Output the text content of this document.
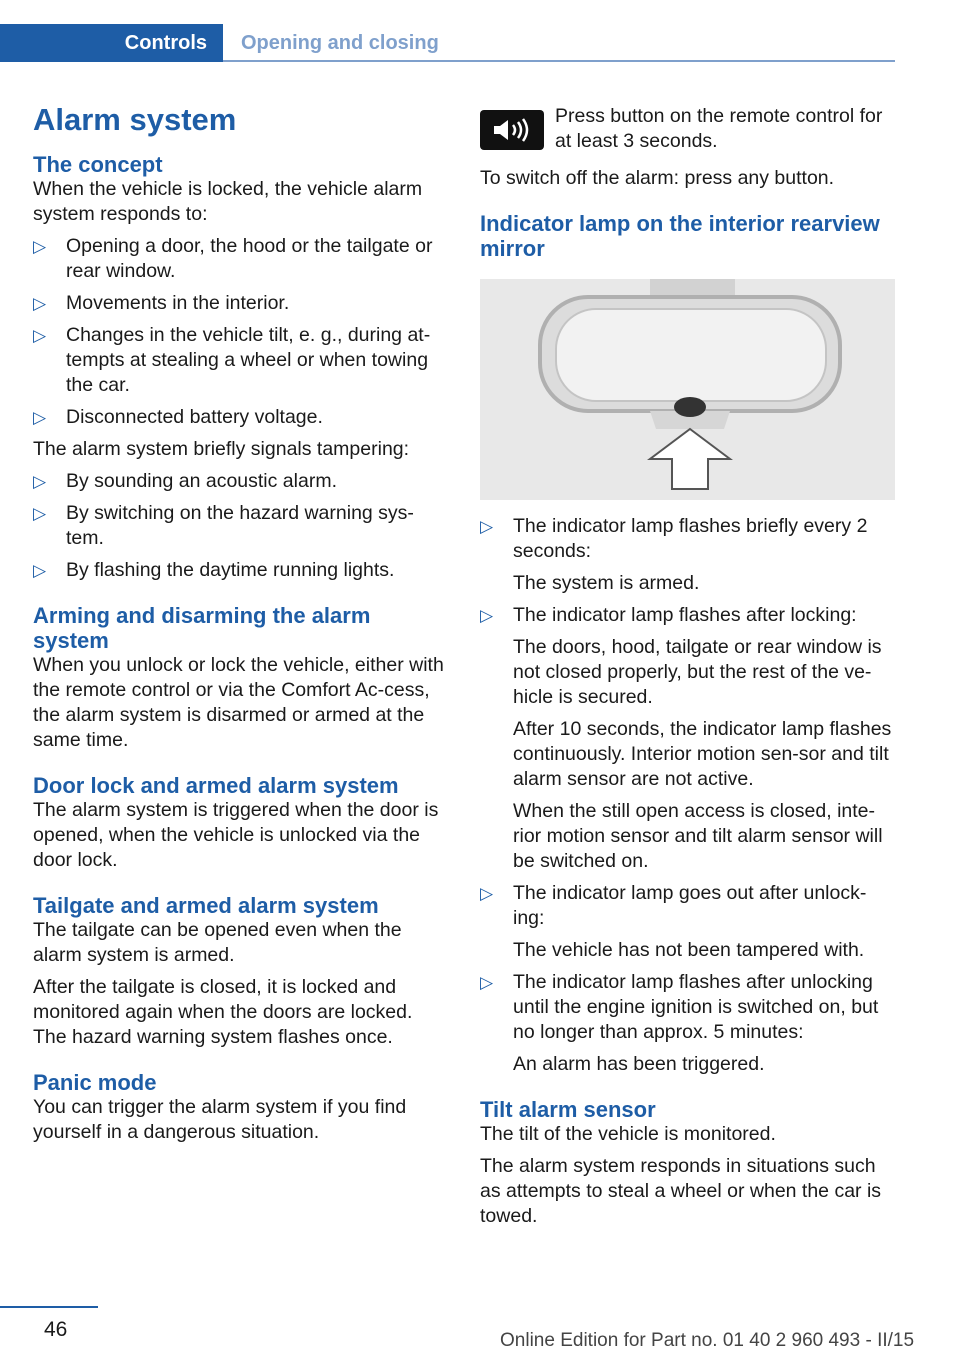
Controls Opening and closing
Alarm system
The concept

When the vehicle is locked, the vehicle alarm system responds to:

▷ Opening a door, the hood or the tailgate or rear window.
▷ Movements in the interior.
▷ Changes in the vehicle tilt, e. g., during at‐tempts at stealing a wheel or when towing the car.
▷ Disconnected battery voltage.

The alarm system briefly signals tampering:

▷ By sounding an acoustic alarm.
▷ By switching on the hazard warning sys‐tem.
▷ By flashing the daytime running lights.
Arming and disarming the alarm system

When you unlock or lock the vehicle, either with the remote control or via the Comfort Ac‐cess, the alarm system is disarmed or armed at the same time.

Door lock and armed alarm system

The alarm system is triggered when the door is opened, when the vehicle is unlocked via the door lock.

Tailgate and armed alarm system

The tailgate can be opened even when the alarm system is armed.

After the tailgate is closed, it is locked and monitored again when the doors are locked. The hazard warning system flashes once.

Panic mode

You can trigger the alarm system if you find yourself in a dangerous situation.

Press button on the remote control for at least 3 seconds.

To switch off the alarm: press any button.

Indicator lamp on the interior rearview mirror
▷ The indicator lamp flashes briefly every 2 seconds:
The system is armed.
▷ The indicator lamp flashes after locking:
The doors, hood, tailgate or rear window is not closed properly, but the rest of the ve‐hicle is secured.
After 10 seconds, the indicator lamp flashes continuously. Interior motion sen‐sor and tilt alarm sensor are not active.
When the still open access is closed, inte‐rior motion sensor and tilt alarm sensor will be switched on.
▷ The indicator lamp goes out after unlock‐ing:
The vehicle has not been tampered with.
▷ The indicator lamp flashes after unlocking until the engine ignition is switched on, but no longer than approx. 5 minutes:
An alarm has been triggered.
Tilt alarm sensor

The tilt of the vehicle is monitored.

The alarm system responds in situations such as attempts to steal a wheel or when the car is towed.

46	Online Edition for Part no. 01 40 2 960 493 - II/15
